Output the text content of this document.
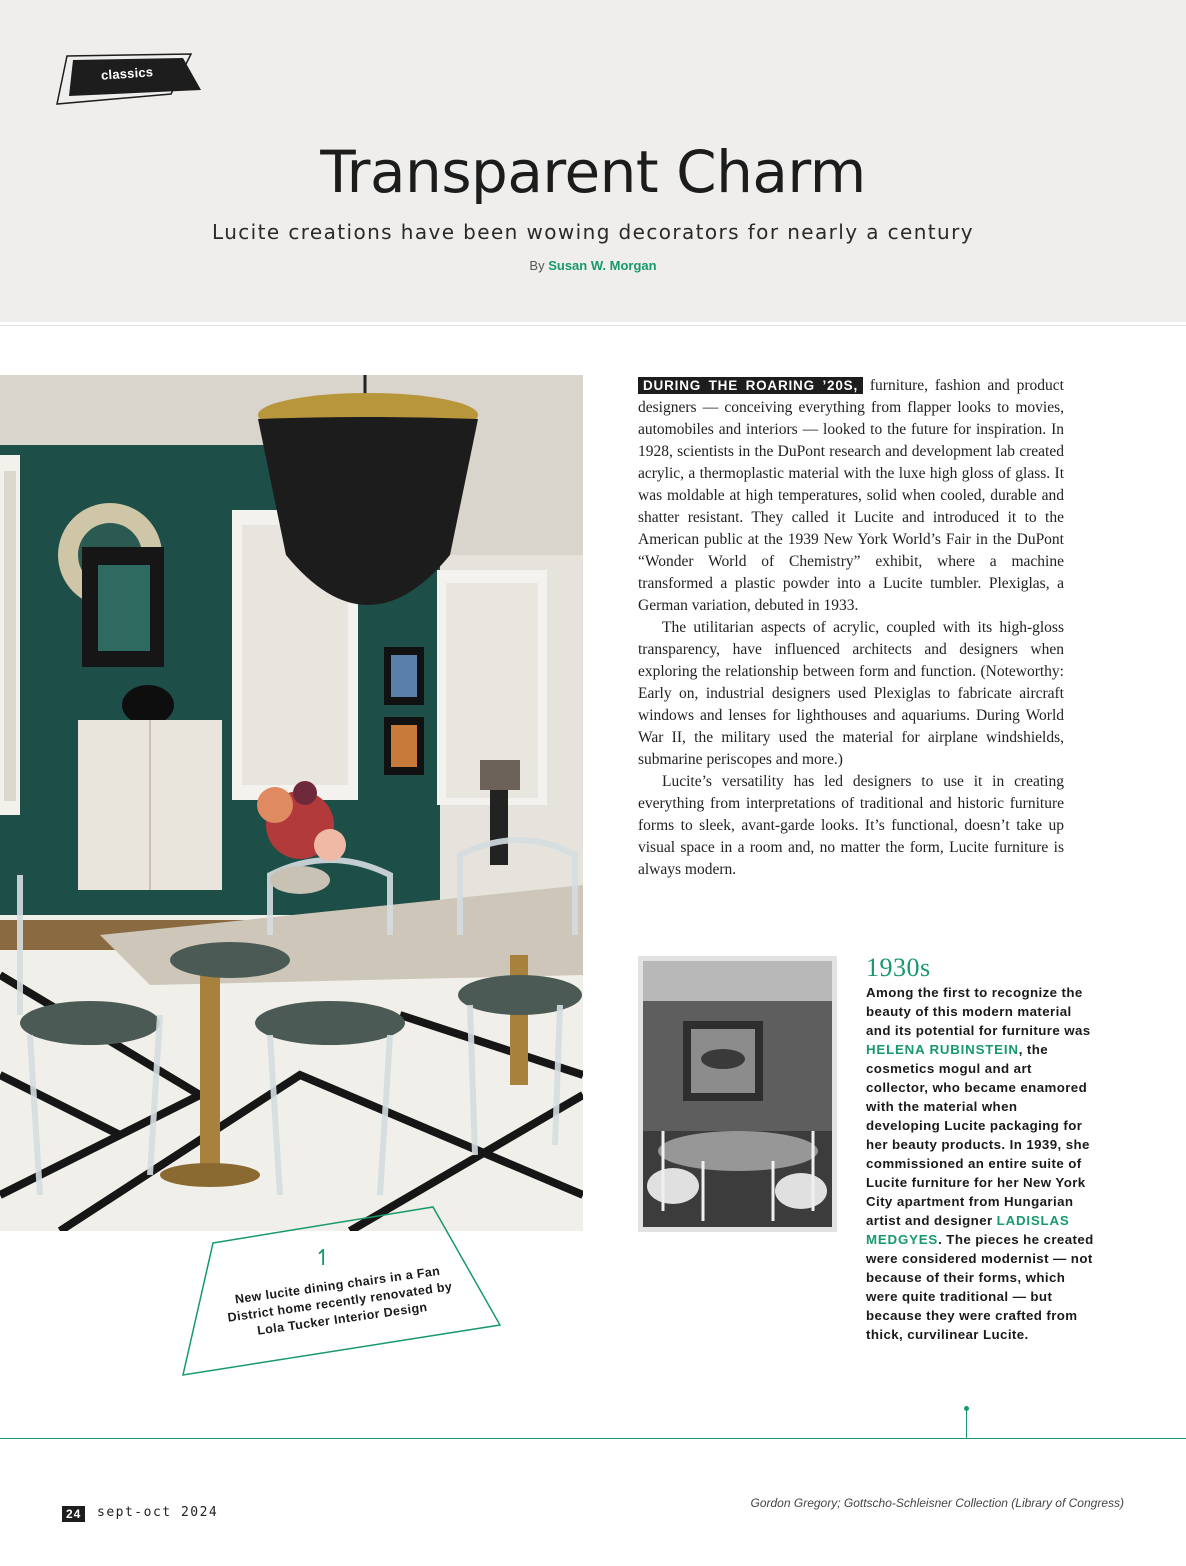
classics
Transparent Charm
Lucite creations have been wowing decorators for nearly a century
By Susan W. Morgan

DURING THE ROARING ’20S, furniture, fashion and product designers — conceiving everything from flapper looks to movies, automobiles and interiors — looked to the future for inspiration. In 1928, scientists in the DuPont research and development lab created acrylic, a thermoplastic material with the luxe high gloss of glass. It was moldable at high temperatures, solid when cooled, durable and shatter resistant. They called it Lucite and introduced it to the American public at the 1939 New York World’s Fair in the DuPont “Wonder World of Chemistry” exhibit, where a machine transformed a plastic powder into a Lucite tumbler. Plexiglas, a German variation, debuted in 1933.

The utilitarian aspects of acrylic, coupled with its high-gloss transparency, have influenced architects and designers when exploring the relationship between form and function. (Noteworthy: Early on, industrial designers used Plexiglas to fabricate aircraft windows and lenses for lighthouses and aquariums. During World War II, the military used the material for airplane windshields, submarine periscopes and more.)

Lucite’s versatility has led designers to use it in creating everything from interpretations of traditional and historic furniture forms to sleek, avant-garde looks. It’s functional, doesn’t take up visual space in a room and, no matter the form, Lucite furniture is always modern.

1930s
Among the first to recognize the beauty of this modern material and its potential for furniture was HELENA RUBINSTEIN, the cosmetics mogul and art collector, who became enamored with the material when developing Lucite packaging for her beauty products. In 1939, she commissioned an entire suite of Lucite furniture for her New York City apartment from Hungarian artist and designer LADISLAS MEDGYES. The pieces he created were considered modernist — not because of their forms, which were quite traditional — but because they were crafted from thick, curvilinear Lucite.
↿
New lucite dining chairs in a Fan District home recently renovated by Lola Tucker Interior Design
24	sept-oct 2024
Gordon Gregory; Gottscho-Schleisner Collection (Library of Congress)
